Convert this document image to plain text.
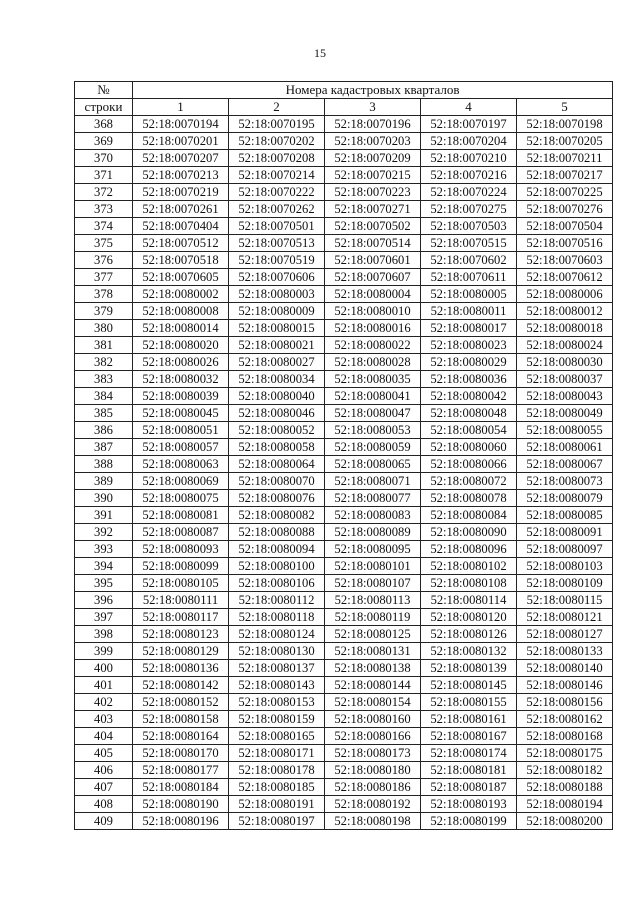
15
№	Номера кадастровых кварталов				
строки	1	2	3	4	5
368	52:18:0070194	52:18:0070195	52:18:0070196	52:18:0070197	52:18:0070198
369	52:18:0070201	52:18:0070202	52:18:0070203	52:18:0070204	52:18:0070205
370	52:18:0070207	52:18:0070208	52:18:0070209	52:18:0070210	52:18:0070211
371	52:18:0070213	52:18:0070214	52:18:0070215	52:18:0070216	52:18:0070217
372	52:18:0070219	52:18:0070222	52:18:0070223	52:18:0070224	52:18:0070225
373	52:18:0070261	52:18:0070262	52:18:0070271	52:18:0070275	52:18:0070276
374	52:18:0070404	52:18:0070501	52:18:0070502	52:18:0070503	52:18:0070504
375	52:18:0070512	52:18:0070513	52:18:0070514	52:18:0070515	52:18:0070516
376	52:18:0070518	52:18:0070519	52:18:0070601	52:18:0070602	52:18:0070603
377	52:18:0070605	52:18:0070606	52:18:0070607	52:18:0070611	52:18:0070612
378	52:18:0080002	52:18:0080003	52:18:0080004	52:18:0080005	52:18:0080006
379	52:18:0080008	52:18:0080009	52:18:0080010	52:18:0080011	52:18:0080012
380	52:18:0080014	52:18:0080015	52:18:0080016	52:18:0080017	52:18:0080018
381	52:18:0080020	52:18:0080021	52:18:0080022	52:18:0080023	52:18:0080024
382	52:18:0080026	52:18:0080027	52:18:0080028	52:18:0080029	52:18:0080030
383	52:18:0080032	52:18:0080034	52:18:0080035	52:18:0080036	52:18:0080037
384	52:18:0080039	52:18:0080040	52:18:0080041	52:18:0080042	52:18:0080043
385	52:18:0080045	52:18:0080046	52:18:0080047	52:18:0080048	52:18:0080049
386	52:18:0080051	52:18:0080052	52:18:0080053	52:18:0080054	52:18:0080055
387	52:18:0080057	52:18:0080058	52:18:0080059	52:18:0080060	52:18:0080061
388	52:18:0080063	52:18:0080064	52:18:0080065	52:18:0080066	52:18:0080067
389	52:18:0080069	52:18:0080070	52:18:0080071	52:18:0080072	52:18:0080073
390	52:18:0080075	52:18:0080076	52:18:0080077	52:18:0080078	52:18:0080079
391	52:18:0080081	52:18:0080082	52:18:0080083	52:18:0080084	52:18:0080085
392	52:18:0080087	52:18:0080088	52:18:0080089	52:18:0080090	52:18:0080091
393	52:18:0080093	52:18:0080094	52:18:0080095	52:18:0080096	52:18:0080097
394	52:18:0080099	52:18:0080100	52:18:0080101	52:18:0080102	52:18:0080103
395	52:18:0080105	52:18:0080106	52:18:0080107	52:18:0080108	52:18:0080109
396	52:18:0080111	52:18:0080112	52:18:0080113	52:18:0080114	52:18:0080115
397	52:18:0080117	52:18:0080118	52:18:0080119	52:18:0080120	52:18:0080121
398	52:18:0080123	52:18:0080124	52:18:0080125	52:18:0080126	52:18:0080127
399	52:18:0080129	52:18:0080130	52:18:0080131	52:18:0080132	52:18:0080133
400	52:18:0080136	52:18:0080137	52:18:0080138	52:18:0080139	52:18:0080140
401	52:18:0080142	52:18:0080143	52:18:0080144	52:18:0080145	52:18:0080146
402	52:18:0080152	52:18:0080153	52:18:0080154	52:18:0080155	52:18:0080156
403	52:18:0080158	52:18:0080159	52:18:0080160	52:18:0080161	52:18:0080162
404	52:18:0080164	52:18:0080165	52:18:0080166	52:18:0080167	52:18:0080168
405	52:18:0080170	52:18:0080171	52:18:0080173	52:18:0080174	52:18:0080175
406	52:18:0080177	52:18:0080178	52:18:0080180	52:18:0080181	52:18:0080182
407	52:18:0080184	52:18:0080185	52:18:0080186	52:18:0080187	52:18:0080188
408	52:18:0080190	52:18:0080191	52:18:0080192	52:18:0080193	52:18:0080194
409	52:18:0080196	52:18:0080197	52:18:0080198	52:18:0080199	52:18:0080200
